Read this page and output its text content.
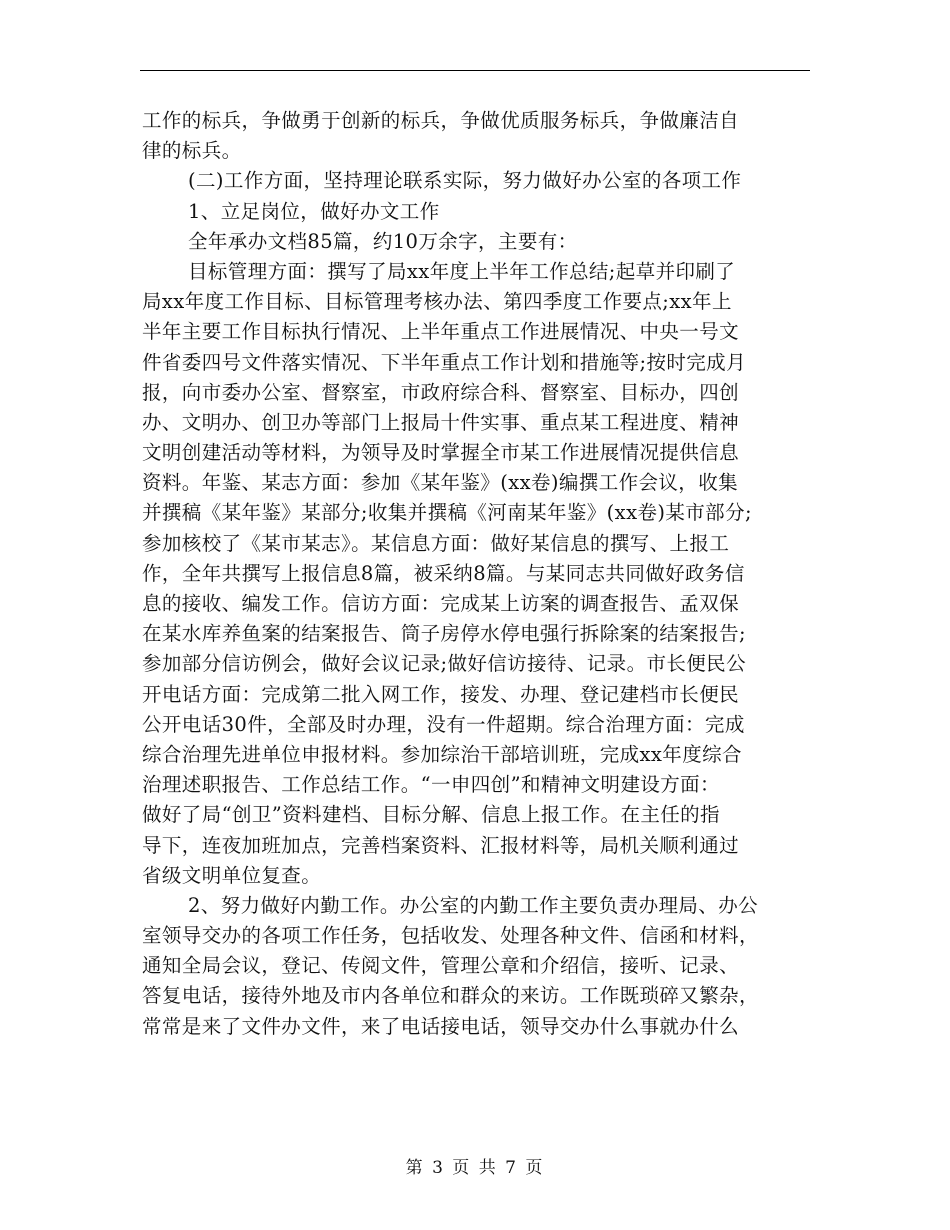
工作的标兵，争做勇于创新的标兵，争做优质服务标兵，争做廉洁自
律的标兵。
(二)工作方面，坚持理论联系实际，努力做好办公室的各项工作
1、立足岗位，做好办文工作
全年承办文档85篇，约10万余字，主要有：
目标管理方面：撰写了局xx年度上半年工作总结;起草并印刷了
局xx年度工作目标、目标管理考核办法、第四季度工作要点;xx年上
半年主要工作目标执行情况、上半年重点工作进展情况、中央一号文
件省委四号文件落实情况、下半年重点工作计划和措施等;按时完成月
报，向市委办公室、督察室，市政府综合科、督察室、目标办，四创
办、文明办、创卫办等部门上报局十件实事、重点某工程进度、精神
文明创建活动等材料，为领导及时掌握全市某工作进展情况提供信息
资料。年鉴、某志方面：参加《某年鉴》(xx卷)编撰工作会议，收集
并撰稿《某年鉴》某部分;收集并撰稿《河南某年鉴》(xx卷)某市部分;
参加核校了《某市某志》。某信息方面：做好某信息的撰写、上报工
作，全年共撰写上报信息8篇，被采纳8篇。与某同志共同做好政务信
息的接收、编发工作。信访方面：完成某上访案的调查报告、孟双保
在某水库养鱼案的结案报告、筒子房停水停电强行拆除案的结案报告;
参加部分信访例会，做好会议记录;做好信访接待、记录。市长便民公
开电话方面：完成第二批入网工作，接发、办理、登记建档市长便民
公开电话30件，全部及时办理，没有一件超期。综合治理方面：完成
综合治理先进单位申报材料。参加综治干部培训班，完成xx年度综合
治理述职报告、工作总结工作。“一申四创”和精神文明建设方面：
做好了局“创卫”资料建档、目标分解、信息上报工作。在主任的指
导下，连夜加班加点，完善档案资料、汇报材料等，局机关顺利通过
省级文明单位复查。
2、努力做好内勤工作。办公室的内勤工作主要负责办理局、办公
室领导交办的各项工作任务，包括收发、处理各种文件、信函和材料，
通知全局会议，登记、传阅文件，管理公章和介绍信，接听、记录、
答复电话，接待外地及市内各单位和群众的来访。工作既琐碎又繁杂，
常常是来了文件办文件，来了电话接电话，领导交办什么事就办什么
第 3 页 共 7 页
